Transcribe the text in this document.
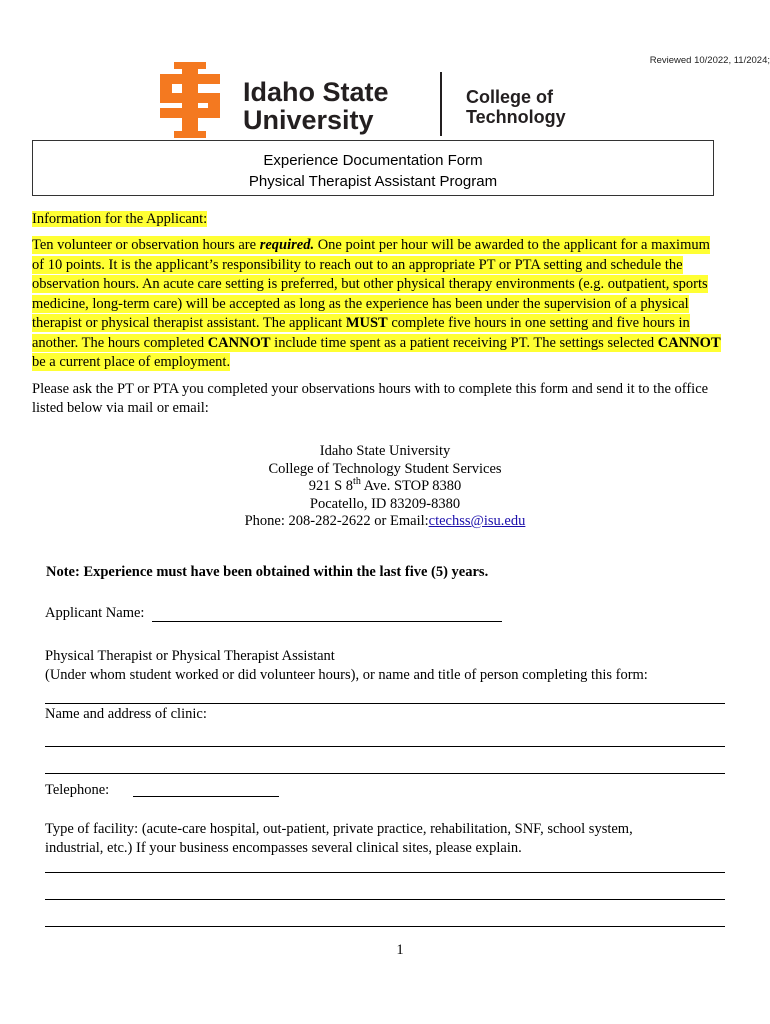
Reviewed 10/2022, 11/2024;
Idaho State
University
College of
Technology
Experience Documentation Form
Physical Therapist Assistant Program
Information for the Applicant:
Ten volunteer or observation hours are required. One point per hour will be awarded to the applicant for a maximum of 10 points. It is the applicant’s responsibility to reach out to an appropriate PT or PTA setting and schedule the observation hours. An acute care setting is preferred, but other physical therapy environments (e.g. outpatient, sports medicine, long-term care) will be accepted as long as the experience has been under the supervision of a physical therapist or physical therapist assistant. The applicant MUST complete five hours in one setting and five hours in another. The hours completed CANNOT include time spent as a patient receiving PT. The settings selected CANNOT be a current place of employment.
Please ask the PT or PTA you completed your observations hours with to complete this form and send it to the office listed below via mail or email:
Idaho State University
College of Technology Student Services
921 S 8th Ave. STOP 8380
Pocatello, ID 83209-8380
Phone: 208-282-2622 or Email:ctechss@isu.edu
Note: Experience must have been obtained within the last five (5) years.
Applicant Name:
Physical Therapist or Physical Therapist Assistant
(Under whom student worked or did volunteer hours), or name and title of person completing this form:
Name and address of clinic:
Telephone:
Type of facility: (acute-care hospital, out-patient, private practice, rehabilitation, SNF, school system,
industrial, etc.) If your business encompasses several clinical sites, please explain.
1
